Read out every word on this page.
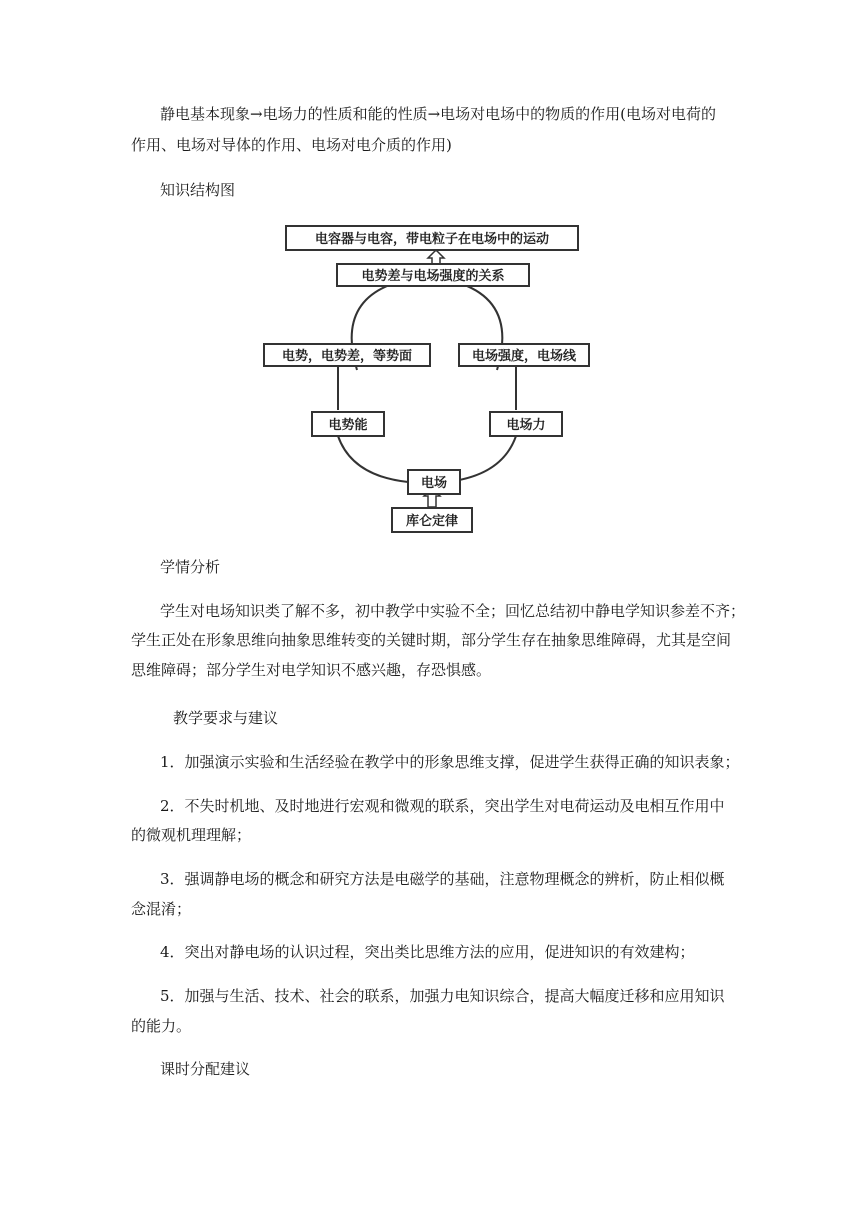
静电基本现象→电场力的性质和能的性质→电场对电场中的物质的作用(电场对电荷的
作用、电场对导体的作用、电场对电介质的作用)
知识结构图
电容器与电容，带电粒子在电场中的运动
电势差与电场强度的关系
电势，电势差，等势面	电场强度，电场线
电势能	电场力
电场
库仑定律
学情分析
学生对电场知识类了解不多，初中教学中实验不全；回忆总结初中静电学知识参差不齐；
学生正处在形象思维向抽象思维转变的关键时期，部分学生存在抽象思维障碍，尤其是空间
思维障碍；部分学生对电学知识不感兴趣，存恐惧感。
教学要求与建议
1．加强演示实验和生活经验在教学中的形象思维支撑，促进学生获得正确的知识表象；
2．不失时机地、及时地进行宏观和微观的联系，突出学生对电荷运动及电相互作用中
的微观机理理解；
3．强调静电场的概念和研究方法是电磁学的基础，注意物理概念的辨析，防止相似概
念混淆；
4．突出对静电场的认识过程，突出类比思维方法的应用，促进知识的有效建构；
5．加强与生活、技术、社会的联系，加强力电知识综合，提高大幅度迁移和应用知识
的能力。
课时分配建议
